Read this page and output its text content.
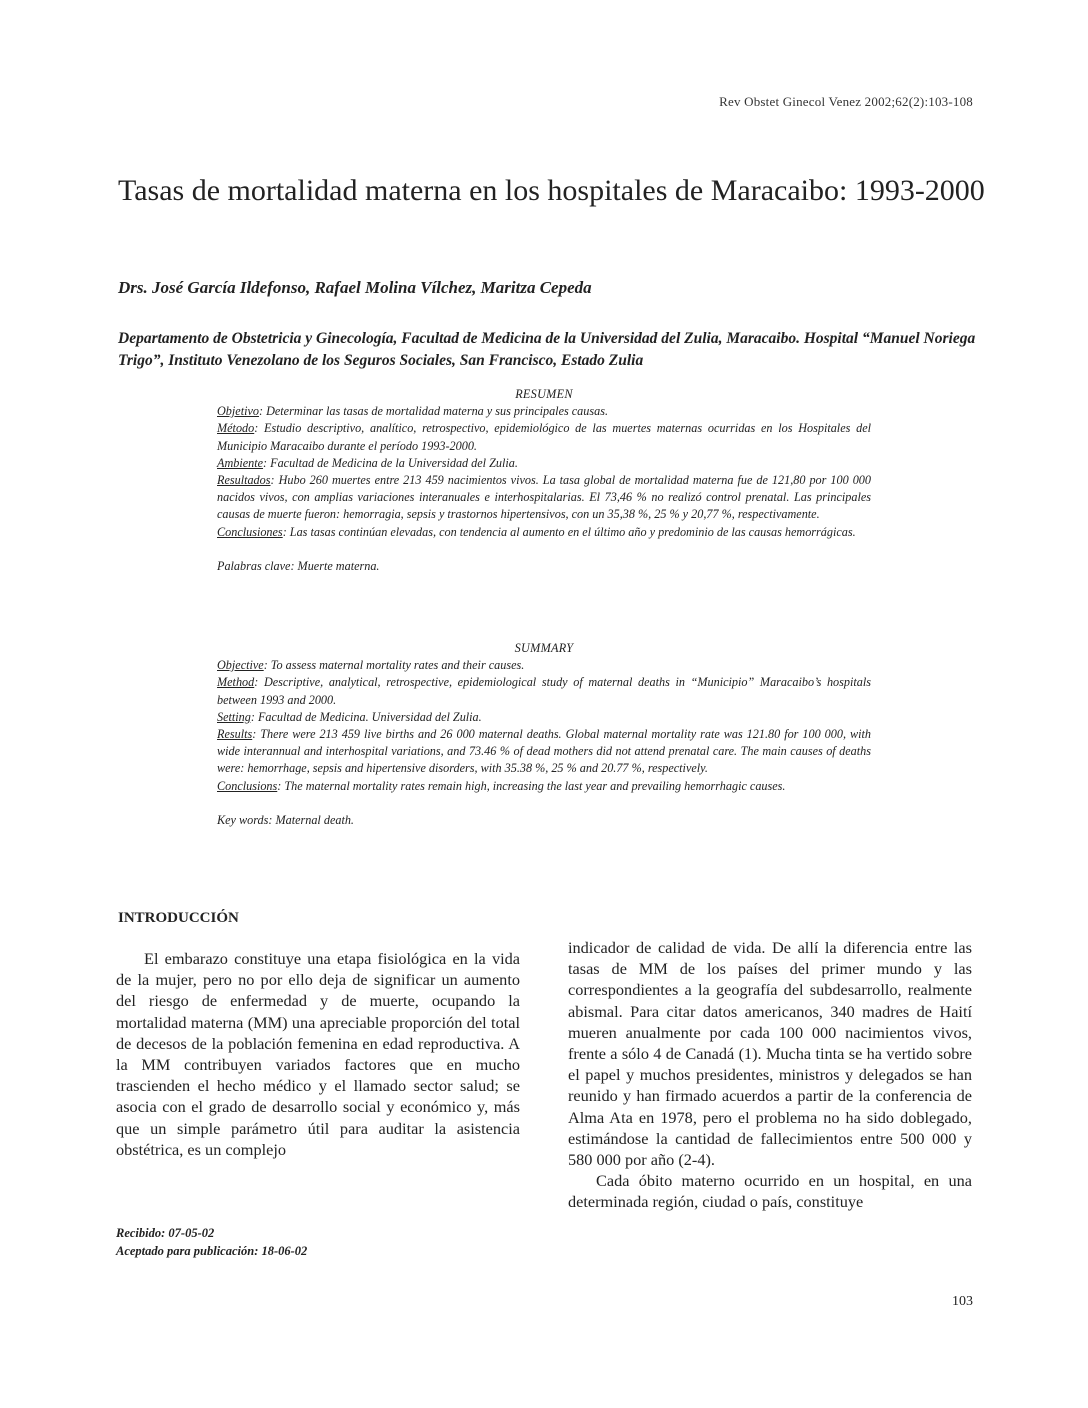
Rev Obstet Ginecol Venez 2002;62(2):103-108
Tasas de mortalidad materna en los hospitales de Maracaibo: 1993-2000
Drs. José García Ildefonso, Rafael Molina Vílchez, Maritza Cepeda
Departamento de Obstetricia y Ginecología, Facultad de Medicina de la Universidad del Zulia, Maracaibo. Hospital “Manuel Noriega Trigo”, Instituto Venezolano de los Seguros Sociales, San Francisco, Estado Zulia
RESUMEN

Objetivo: Determinar las tasas de mortalidad materna y sus principales causas.

Método: Estudio descriptivo, analítico, retrospectivo, epidemiológico de las muertes maternas ocurridas en los Hospitales del Municipio Maracaibo durante el período 1993-2000.

Ambiente: Facultad de Medicina de la Universidad del Zulia.

Resultados: Hubo 260 muertes entre 213 459 nacimientos vivos. La tasa global de mortalidad materna fue de 121,80 por 100 000 nacidos vivos, con amplias variaciones interanuales e interhospitalarias. El 73,46 % no realizó control prenatal. Las principales causas de muerte fueron: hemorragia, sepsis y trastornos hipertensivos, con un 35,38 %, 25 % y 20,77 %, respectivamente.

Conclusiones: Las tasas continúan elevadas, con tendencia al aumento en el último año y predominio de las causas hemorrágicas.

Palabras clave: Muerte materna.

SUMMARY

Objective: To assess maternal mortality rates and their causes.

Method: Descriptive, analytical, retrospective, epidemiological study of maternal deaths in “Municipio” Maracaibo’s hospitals between 1993 and 2000.

Setting: Facultad de Medicina. Universidad del Zulia.

Results: There were 213 459 live births and 26 000 maternal deaths. Global maternal mortality rate was 121.80 for 100 000, with wide interannual and interhospital variations, and 73.46 % of dead mothers did not attend prenatal care. The main causes of deaths were: hemorrhage, sepsis and hipertensive disorders, with 35.38 %, 25 % and 20.77 %, respectively.

Conclusions: The maternal mortality rates remain high, increasing the last year and prevailing hemorrhagic causes.

Key words: Maternal death.

INTRODUCCIÓN

El embarazo constituye una etapa fisiológica en la vida de la mujer, pero no por ello deja de significar un aumento del riesgo de enfermedad y de muerte, ocupando la mortalidad materna (MM) una apreciable proporción del total de decesos de la población femenina en edad reproductiva. A la MM contribuyen variados factores que en mucho trascienden el hecho médico y el llamado sector salud; se asocia con el grado de desarrollo social y económico y, más que un simple parámetro útil para auditar la asistencia obstétrica, es un complejo

indicador de calidad de vida. De allí la diferencia entre las tasas de MM de los países del primer mundo y las correspondientes a la geografía del subdesarrollo, realmente abismal. Para citar datos americanos, 340 madres de Haití mueren anualmente por cada 100 000 nacimientos vivos, frente a sólo 4 de Canadá (1). Mucha tinta se ha vertido sobre el papel y muchos presidentes, ministros y delegados se han reunido y han firmado acuerdos a partir de la conferencia de Alma Ata en 1978, pero el problema no ha sido doblegado, estimándose la cantidad de fallecimientos entre 500 000 y 580 000 por año (2-4).

Cada óbito materno ocurrido en un hospital, en una determinada región, ciudad o país, constituye

Recibido: 07-05-02
Aceptado para publicación: 18-06-02
103
